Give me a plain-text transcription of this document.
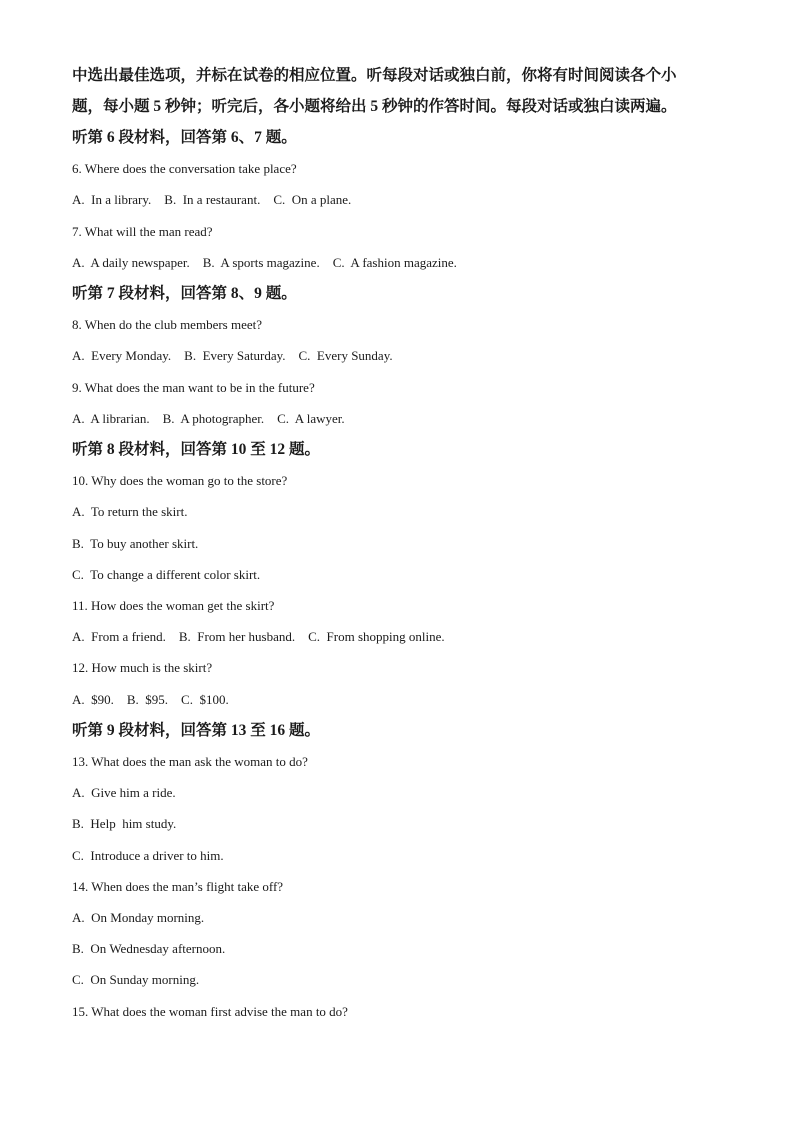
中选出最佳选项，并标在试卷的相应位置。听每段对话或独白前，你将有时间阅读各个小

题，每小题 5 秒钟；听完后，各小题将给出 5 秒钟的作答时间。每段对话或独白读两遍。

听第 6 段材料，回答第 6、7 题。

6. Where does the conversation take place?

A.  In a library.    B.  In a restaurant.    C.  On a plane.

7. What will the man read?

A.  A daily newspaper.    B.  A sports magazine.    C.  A fashion magazine.

听第 7 段材料，回答第 8、9 题。

8. When do the club members meet?

A.  Every Monday.    B.  Every Saturday.    C.  Every Sunday.

9. What does the man want to be in the future?

A.  A librarian.    B.  A photographer.    C.  A lawyer.

听第 8 段材料，回答第 10 至 12 题。

10. Why does the woman go to the store?

A.  To return the skirt.

B.  To buy another skirt.

C.  To change a different color skirt.

11. How does the woman get the skirt?

A.  From a friend.    B.  From her husband.    C.  From shopping online.

12. How much is the skirt?

A.  $90.    B.  $95.    C.  $100.

听第 9 段材料，回答第 13 至 16 题。

13. What does the man ask the woman to do?

A.  Give him a ride.

B.  Help  him study.

C.  Introduce a driver to him.

14. When does the man’s flight take off?

A.  On Monday morning.

B.  On Wednesday afternoon.

C.  On Sunday morning.

15. What does the woman first advise the man to do?
